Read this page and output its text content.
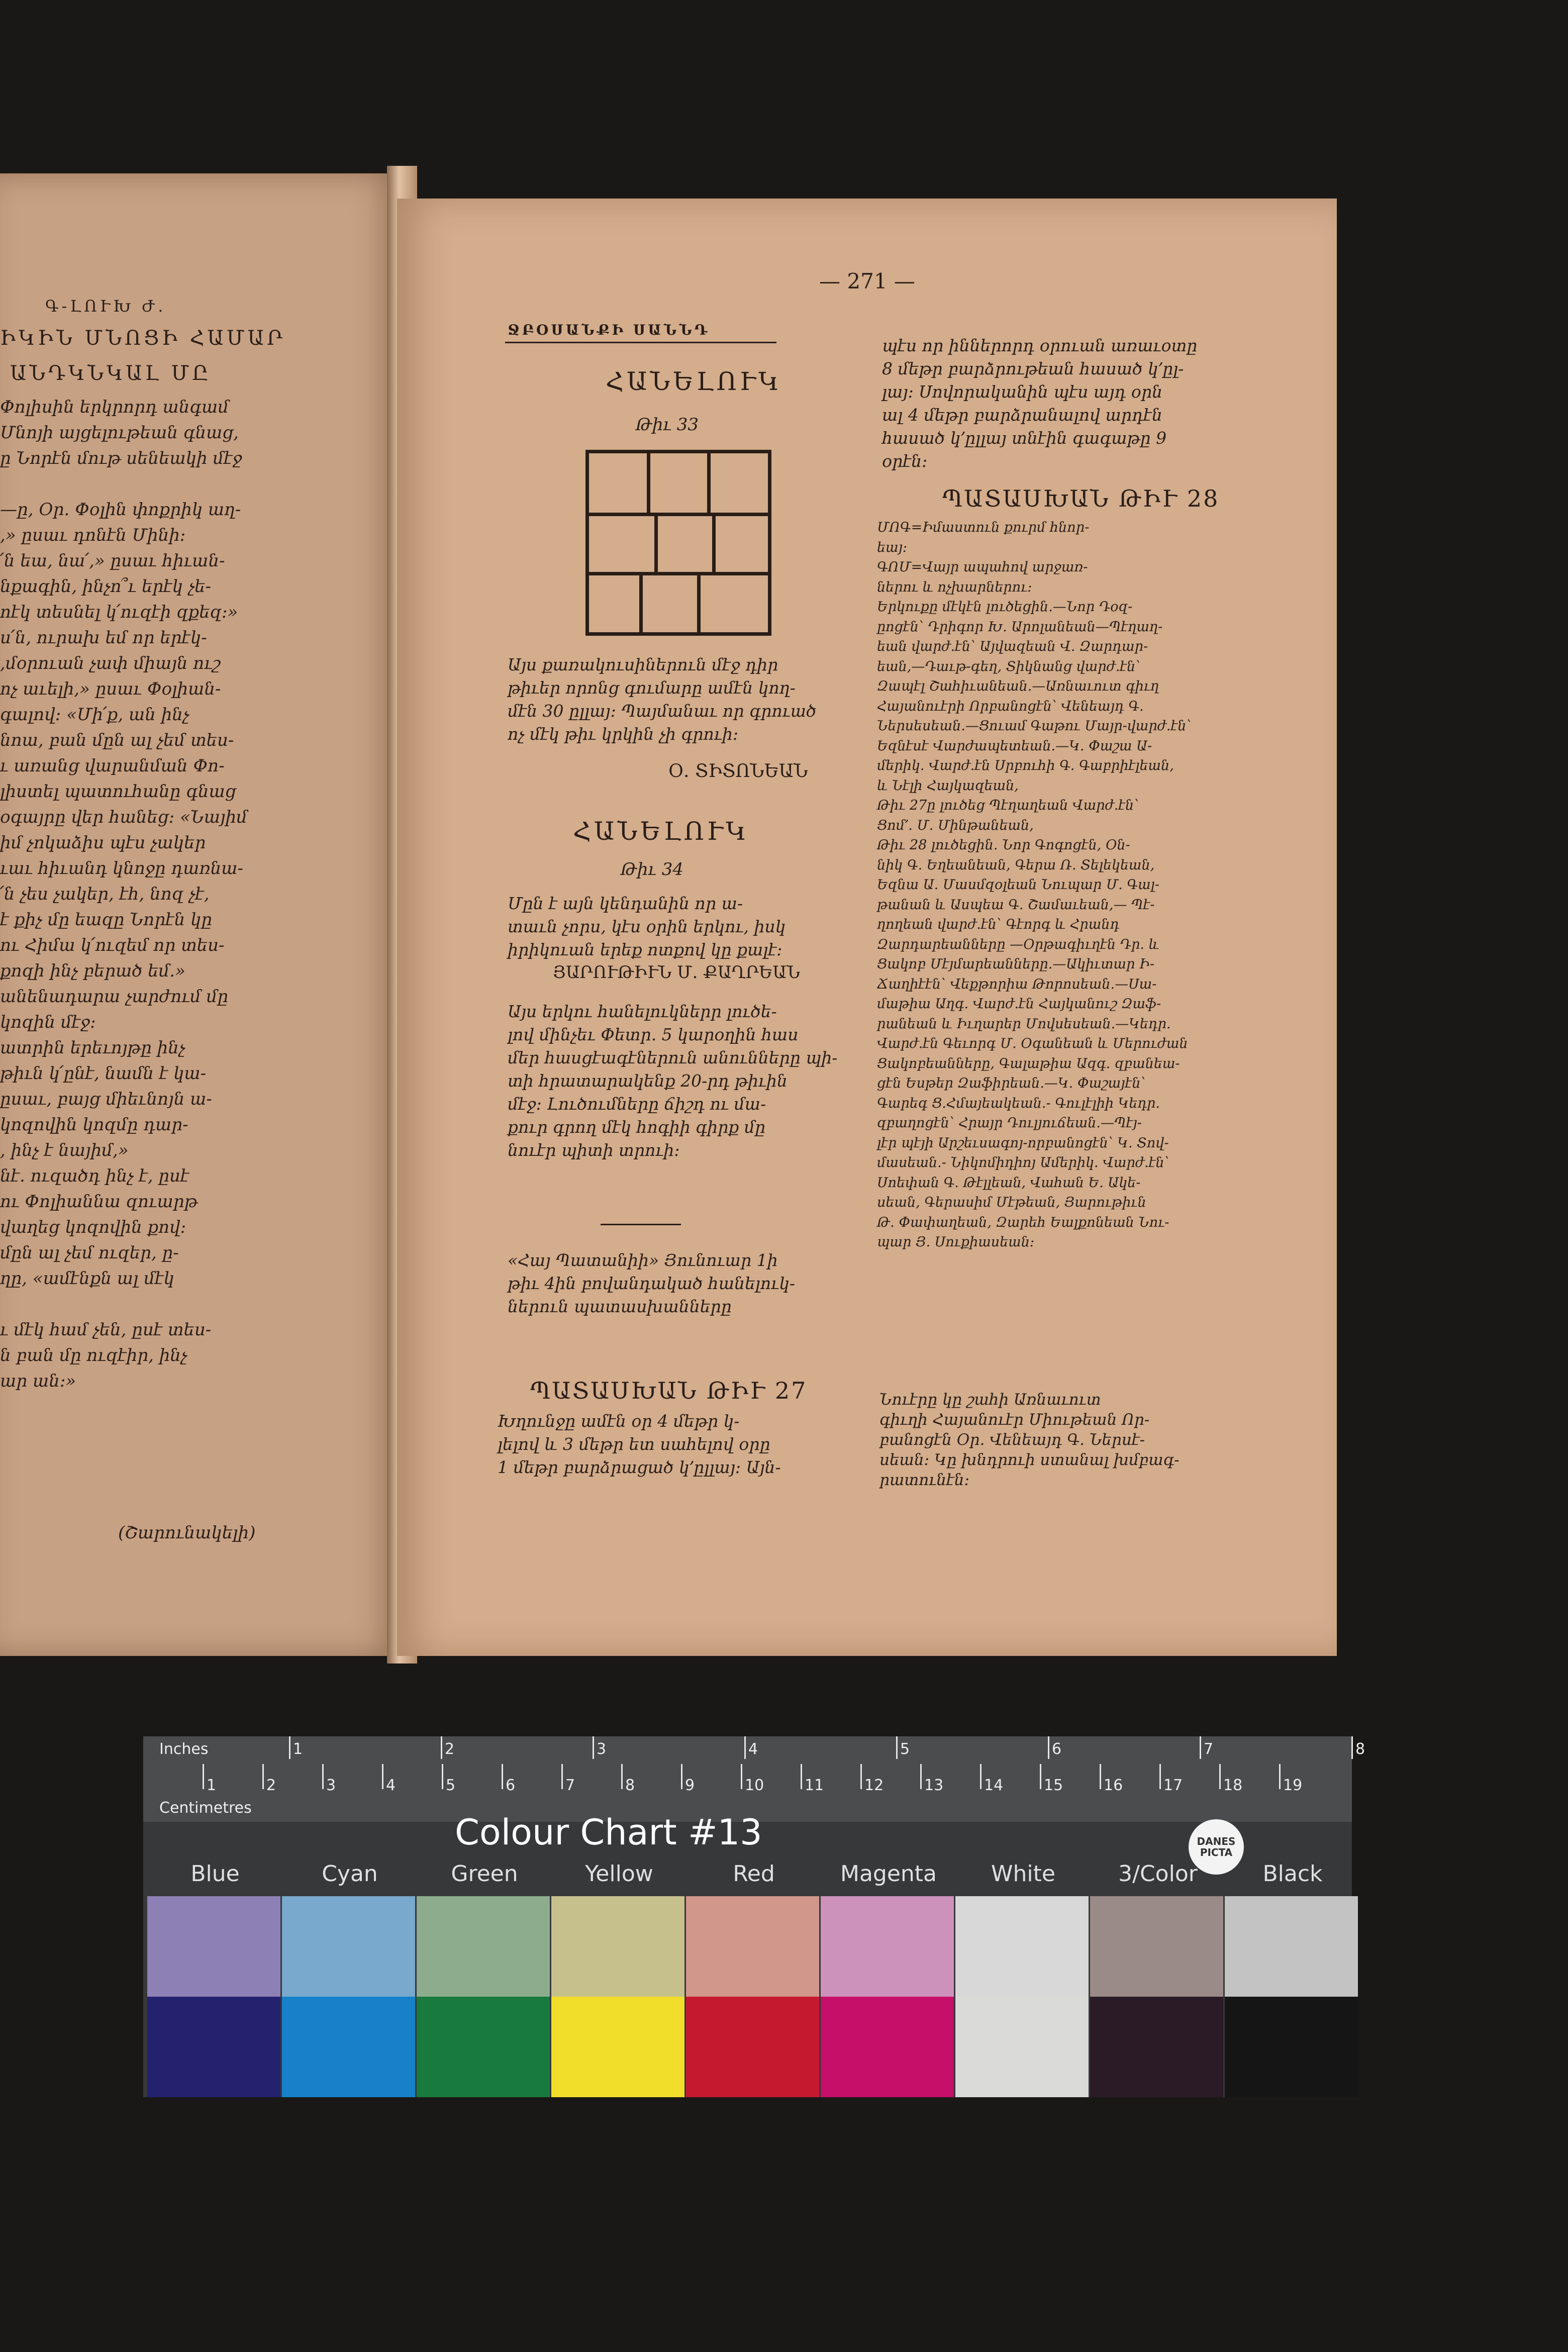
Գ-ԼՈՒԽ Ժ.
ԻԿԻՆ ՄՆՈՑԻ ՀԱՄԱՐ
ԱՆԴԿՆԿԱԼ ՄԸ
Փոլիսին երկրորդ անգամ
Մնոյի այցելութեան գնաց,
ը Նորէն մութ սենեակի մէջ

—ը, Օր. Փօլին փոքրիկ աղ-
,» ըսաւ դոնէն Մինի։
՛ն եա, նա՛,» ըսաւ հիւան-
նքագին, ինչո՞ւ երէկ չե-
ոէկ տեսնել կ՛ուզէի զքեզ։»
ս՛ն, ուրախ եմ որ երէկ-
,մօրուան չափ միայն ուշ
ոչ աւելի,» ըսաւ Փօլիան-
գալով։ «Մի՛ք, ան ինչ
նոա, բան մըն ալ չեմ տես-
ւ առանց վարանման Փո-
լիստել պատուհանը գնաց
օգայրը վեր հանեց։ «Նայիմ
իմ չոկաձիս պէս չակեր
ւաւ հիւանդ կնոջը դառնա-
՛ն չես չակեր, էհ, նոզ չէ,
է քիչ մը եազը Նորէն կը
ու Հիմա կ՛ուզեմ որ տես-
քոզի ինչ բերած եմ.»
անենադարա չարժում մը
կոզին մէջ։
ատրին երեւոյթը ինչ
թիւն կ՛ընէ, նամն է կա-
ըսաւ, բայց միեւնոյն ա-
կոզովին կոզմը դար-
, ինչ է նայիմ,»
նէ. ուզածդ ինչ է, ըսէ
ու Փոլիաննա զուարթ
վաղեց կոզովին քով։
մըն ալ չեմ ուզեր, ը-
ղը, «ամէնքն ալ մէկ

ւ մէկ համ չեն, ըսէ տես-
ն բան մը ուզէիր, ինչ
ար ան։»
(Շարունակելի)
— 271 —
ՋԲՕՍԱՆՔԻ ՍԱՆՆԴ
ՀԱՆԵԼՈՒԿ
Թիւ 33
Այս քառակուսիներուն մէջ դիր
թիւեր որոնց գումարը ամէն կող-
մէն 30 ըլլայ։ Պայմանաւ որ գրուած
ոչ մէկ թիւ կրկին չի գրուի։
Օ. ՏԻՏՈՆԵԱՆ
ՀԱՆԵԼՈՒԿ
Թիւ 34
Մըն է այն կենդանին որ ա-
տաւն չորս, կէս օրին երկու, իսկ
իրիկուան երեք ոտքով կը քալէ։
ՅԱՐՈՒԹԻՒՆ Մ. ՔԱՂՐԵԱՆ
Այս երկու հանելուկներր լուծե-
լով մինչեւ Փետր. 5 կարօղին հաս
մեր հասցէագէներուն անունները պի-
տի հրատարակենք 20-րդ թիւին
մէջ։ Լուծումները ճիշդ ու մա-
քուր գրող մէկ հոգիի գիրք մը
նուէր պիտի տրուի։
«Հայ Պատանիի» Յունուար 1ի
թիւ 4ին բովանդակած հանելուկ-
ներուն պատասխանները
ՊԱՏԱՍԽԱՆ ԹԻՒ 27
Խղունջը ամէն օր 4 մեթր կ-
լելով և 3 մեթր ետ սահելով օրը
1 մեթր բարձրացած կ՚ըլլայ։ Այն-
պէս որ իններորդ օրուան առաւօտը
8 մեթր բարձրութեան հասած կ՚ըլ-
լայ։ Սովորականին պէս այդ օրն
ալ 4 մեթր բարձրանալով արդէն
հասած կ՚ըլլայ տնէին գագաթը 9
օրէն։
ՊԱՏԱՍԽԱՆ ԹԻՒ 28
ՄՈԳ=Իմաստուն քուրմ հնոր-
եայ։
ԳՈՄ=Վայր ապահով արջառ-
ներու և ոչխարներու։
Երկուքը մէկէն լուծեցին.—Նոր Դօզ-
ըոցէն՝ Դրիգոր Խ. Արոլանեան—Պէղաղ-
եան վարժ.էն՝ Այվազեան Վ. Զարդար-
եան,—Դաւթ-գեղ, Տիկնանց վարժ.էն՝
Զապէլ Շահիւանեան.—Առնաւուտ գիւղ
Հայանուէրի Որբանոցէն՝ Վենեայդ Գ.
Ներսեսեան.—Ցուամ Գաթու Մայր-վարժ.էն՝
Եզնէսէ Վարժապետեան.—Կ. Փաշա Ա-
մերիկ. Վարժ.էն Սրբուհի Գ. Գաբրիէլեան,
և Նէլի Հայկազեան,
Թիւ 27ը լուծեց Պէղաղեան Վարժ.էն՝
Ցոմ՚. Մ. Մինթանեան,
Թիւ 28 լուծեցին. Նոր Գոգոցէն, Օն-
նիկ Գ. Եղեանեան, Գերա Ռ. Տելեկեան,
Եզնա Ա. Մասմզօլեան Նուպար Մ. Գալ-
թանան և Ասպեա Գ. Շամաւեան,— Պէ-
ղողեան վարժ.էն՝ Գէորգ և Հրանդ
Զարդարեանները —Օրթագիւղէն Դր. և
Ցակոբ Մէյմարեանները.—Ակիւտար Ի-
Ճաղիէէն՝ Վեքթորիա Թորոսեան.—Սա-
մաթիա Աղգ. Վարժ.էն Հայկանուշ Զաֆ-
րանեան և Իւղարեր Մովսեսեան.—Կեդր.
Վարժ.էն Գեւորգ Մ. Օգանեան և Մերուժան
Ցակոբեանները, Գալաթիա Ազգ. զբանեա-
ցէն Եսթեր Զաֆիրեան.—Կ. Փաշայէն՝
Գարեգ Ց.Հմայեակեան.- Գուլէլիի Կեդր.
զբաղոցէն՝ Հրայր Դուլյուճեան.—Պէյ-
լէր պէյի Արշեւսագոյ-որբանոցէն՝ Կ. Տով-
մասեան.- Նիկոմիդիոյ Ամերիկ. Վարժ.էն՝
Սոեփան Գ. Թէլլեան, Վահան Ե. Ակե-
սեան, Գերասիմ Մէթեան, Յարութիւն
Թ. Փափաղեան, Զարեհ Եալքոնեան Նու-
պար Յ. Սուքիասեան։
Նուէրը կը շահի Առնաւուտ
գիւղի Հայանուէր Միութեան Որ-
բանոցէն Օր. Վենեայդ Գ. Ներսէ-
սեան։ Կը խնդրուի ստանալ խմբագ-
րատունէն։
Inches
Centimetres
1	2	3	4	5	6	7	8
1	2	3	4	5	6	7	8	9	10	11	12	13	14	15	16	17	18	19
Colour Chart #13	DANES
PICTA
Blue	Cyan	Green	Yellow	Red	Magenta	White	3/Color	Black
